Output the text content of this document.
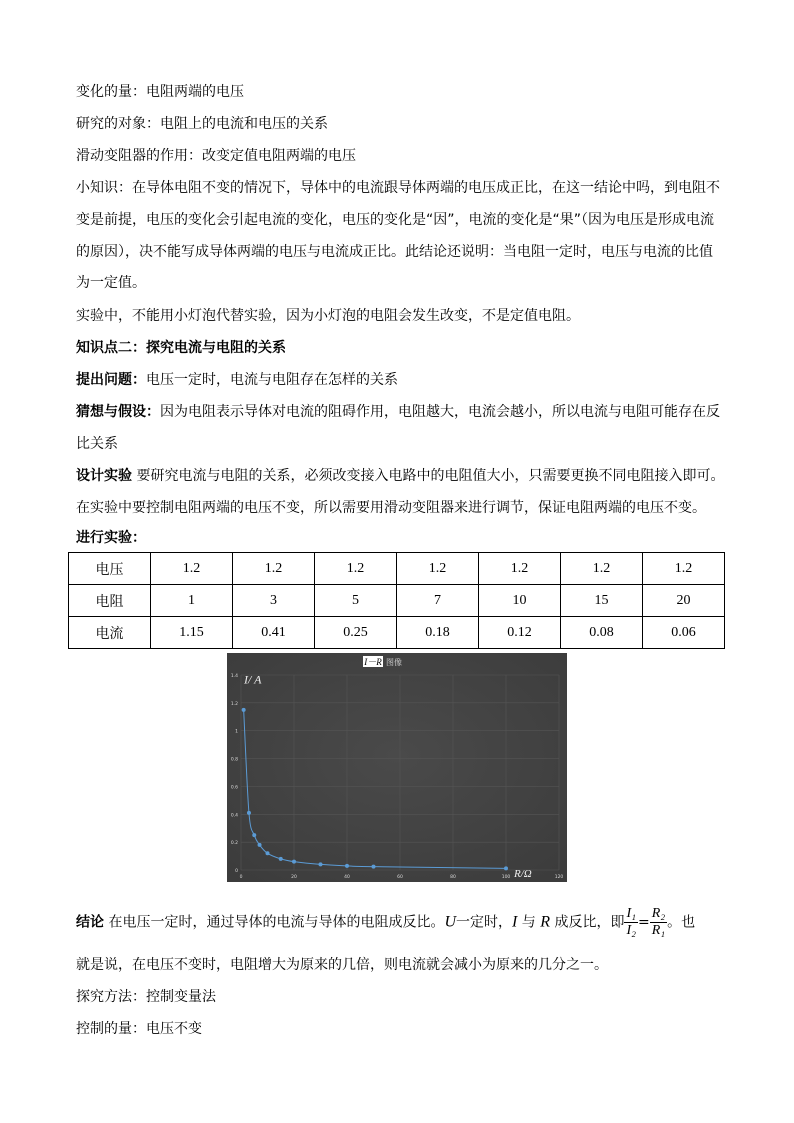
变化的量：电阻两端的电压
研究的对象：电阻上的电流和电压的关系
滑动变阻器的作用：改变定值电阻两端的电压
小知识：在导体电阻不变的情况下，导体中的电流跟导体两端的电压成正比，在这一结论中吗，到电阻不
变是前提，电压的变化会引起电流的变化，电压的变化是“因”，电流的变化是“果”（因为电压是形成电流
的原因），决不能写成导体两端的电压与电流成正比。此结论还说明：当电阻一定时，电压与电流的比值
为一定值。
实验中，不能用小灯泡代替实验，因为小灯泡的电阻会发生改变，不是定值电阻。
知识点二：探究电流与电阻的关系
提出问题：电压一定时，电流与电阻存在怎样的关系
猜想与假设：因为电阻表示导体对电流的阻碍作用，电阻越大，电流会越小，所以电流与电阻可能存在反
比关系
设计实验 要研究电流与电阻的关系，必须改变接入电路中的电阻值大小，只需要更换不同电阻接入即可。
在实验中要控制电阻两端的电压不变，所以需要用滑动变阻器来进行调节，保证电阻两端的电压不变。
进行实验：
电压	1.2	1.2	1.2	1.2	1.2	1.2	1.2
电阻	1	3	5	7	10	15	20
电流	1.15	0.41	0.25	0.18	0.12	0.08	0.06
0
0.2
0.4
0.6
0.8
1
1.2
1.4
0	20	40	60	80	100	120
I－R 图像
I/ A
R/Ω
结论 在电压一定时，通过导体的电流与导体的电阻成反比。U一定时，I 与 R 成反比，即 $\frac{\text{I₁}}{\text{I₂}} = \frac{\text{R₂}}{\text{R₁}}$ 。也
就是说，在电压不变时，电阻增大为原来的几倍，则电流就会减小为原来的几分之一。
探究方法：控制变量法
控制的量：电压不变
